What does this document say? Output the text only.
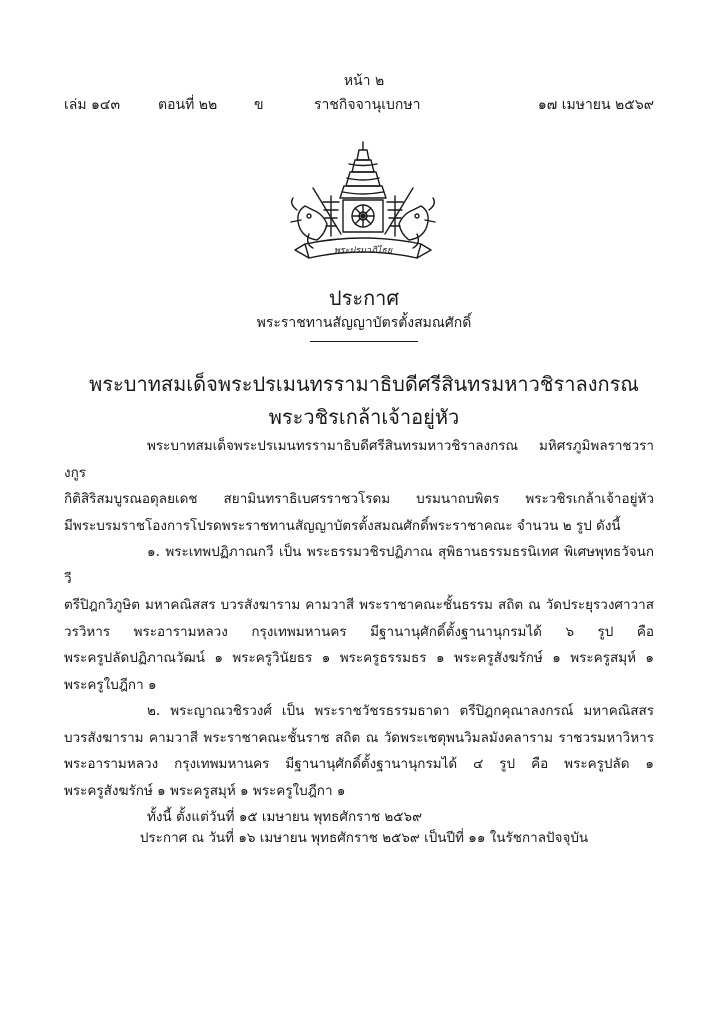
หน้า ๒
เล่ม ๑๔๓	ตอนที่ ๒๒	ข	ราชกิจจานุเบกษา	๑๗ เมษายน ๒๕๖๙
พระปรมาภิไธย
ประกาศ
พระราชทานสัญญาบัตรตั้งสมณศักดิ์
พระบาทสมเด็จพระปรเมนทรรามาธิบดีศรีสินทรมหาวชิราลงกรณ
พระวชิรเกล้าเจ้าอยู่หัว

พระบาทสมเด็จพระปรเมนทรรามาธิบดีศรีสินทรมหาวชิราลงกรณ มหิศรภูมิพลราชวรางกูร

กิติสิริสมบูรณอดุลยเดช สยามินทราธิเบศรราชวโรดม บรมนาถบพิตร พระวชิรเกล้าเจ้าอยู่หัว

มีพระบรมราชโองการโปรดพระราชทานสัญญาบัตรตั้งสมณศักดิ์พระราชาคณะ จำนวน ๒ รูป ดังนี้

๑. พระเทพปฏิภาณกวี เป็น พระธรรมวชิรปฏิภาณ สุพิธานธรรมธรนิเทศ พิเศษพุทธวัจนกวี

ตรีปิฎกวิภูษิต มหาคณิสสร บวรสังฆาราม คามวาสี พระราชาคณะชั้นธรรม สถิต ณ วัดประยุรวงศาวาส

วรวิหาร พระอารามหลวง กรุงเทพมหานคร มีฐานานุศักดิ์ตั้งฐานานุกรมได้ ๖ รูป คือ

พระครูปลัดปฏิภาณวัฒน์ ๑ พระครูวินัยธร ๑ พระครูธรรมธร ๑ พระครูสังฆรักษ์ ๑ พระครูสมุห์ ๑

พระครูใบฎีกา ๑

๒. พระญาณวชิรวงศ์ เป็น พระราชวัชรธรรมธาดา ตรีปิฎกคุณาลงกรณ์ มหาคณิสสร

บวรสังฆาราม คามวาสี พระราชาคณะชั้นราช สถิต ณ วัดพระเชตุพนวิมลมังคลาราม ราชวรมหาวิหาร

พระอารามหลวง กรุงเทพมหานคร มีฐานานุศักดิ์ตั้งฐานานุกรมได้ ๔ รูป คือ พระครูปลัด ๑

พระครูสังฆรักษ์ ๑ พระครูสมุห์ ๑ พระครูใบฎีกา ๑

ทั้งนี้ ตั้งแต่วันที่ ๑๕ เมษายน พุทธศักราช ๒๕๖๙

ประกาศ ณ วันที่ ๑๖ เมษายน พุทธศักราช ๒๕๖๙ เป็นปีที่ ๑๑ ในรัชกาลปัจจุบัน
